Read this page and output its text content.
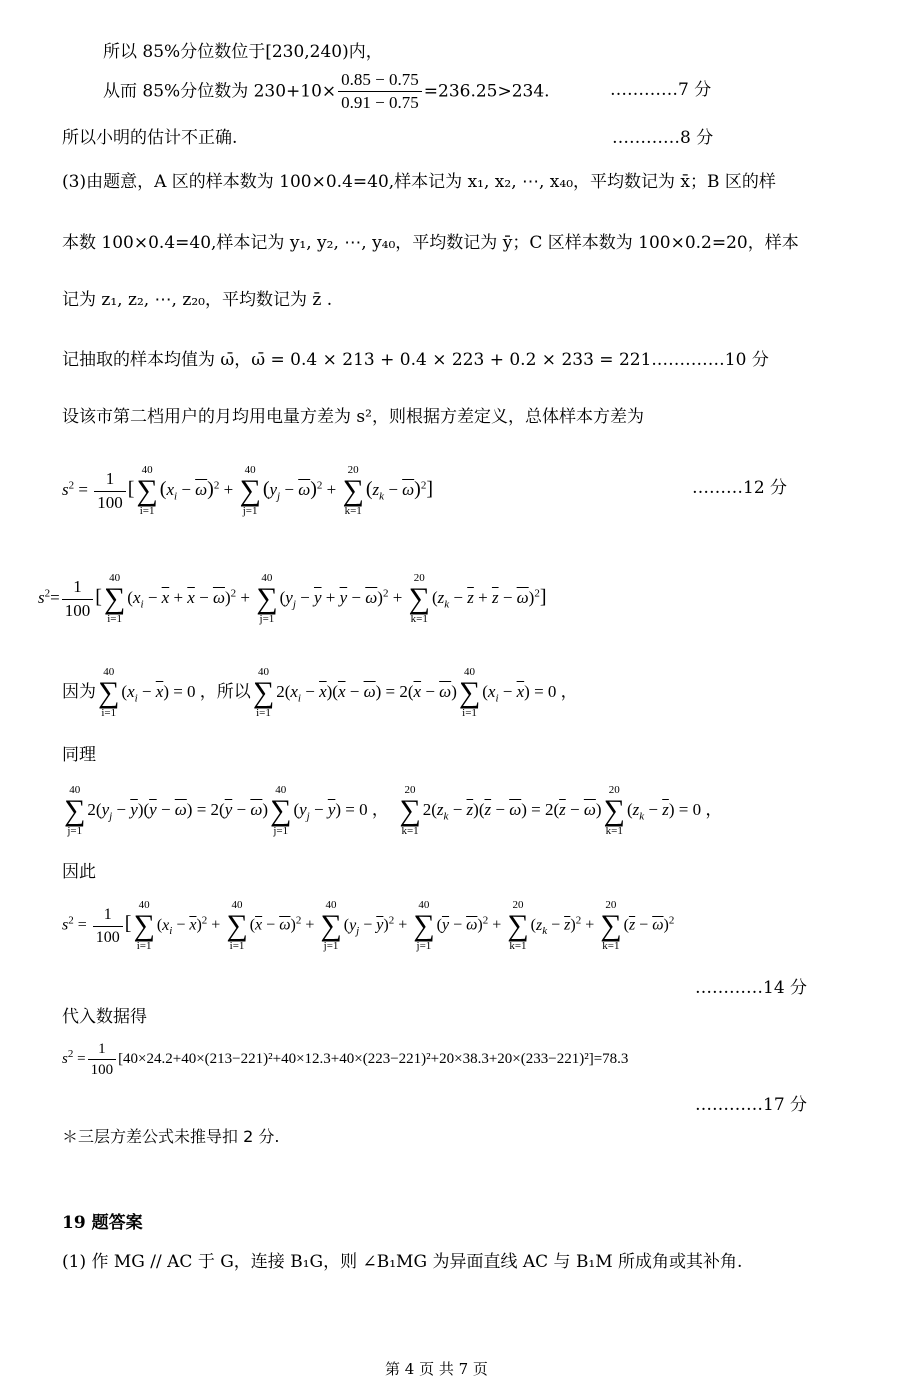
所以 85%分位数位于[230,240)内，
从而 85%分位数为 $230+10\times \frac{0.85 - 0.75}{0.91 - 0.75} =236.25>234$.	…………7 分
所以小明的估计不正确.	…………8 分
(3)由题意，A 区的样本数为 100×0.4=40,样本记为 x₁, x₂, ⋯, x₄₀，平均数记为 x̄；B 区的样
本数 100×0.4=40,样本记为 y₁, y₂, ⋯, y₄₀，平均数记为 ȳ；C 区样本数为 100×0.2=20，样本
记为 z₁, z₂, ⋯, z₂₀，平均数记为 z̄ .
记抽取的样本均值为 ω̄，ω̄ = 0.4 × 213 + 0.4 × 223 + 0.2 × 233 = 221.…………10 分
设该市第二档用户的月均用电量方差为 s²，则根据方差定义，总体样本方差为
$s^2 = \frac{1}{100}$ [
40
∑
i=1
$(x_i - \overline{\omega})^2$ +
40
∑
j=1
$(y_j - \overline{\omega})^2$ +
20
∑
k=1
$(z_k - \overline{\omega})^2$]	………12 分
$s^2= \frac{1}{100}$ [
40
∑
i=1
$(x_i - \overline{x} + \overline{x} - \overline{\omega})^2$ +
40
∑
j=1
$(y_j - \overline{y} + \overline{y} - \overline{\omega})^2$ +
20
∑
k=1
$(z_k - \overline{z} + \overline{z} - \overline{\omega})^2$]
因为
40
∑
i=1
$(x_i - \overline{x}) = 0$ ，所以
40
∑
i=1
$2(x_i - \overline{x})(\overline{x} - \overline{\omega}) = 2(\overline{x} - \overline{\omega})$
40
∑
i=1
$(x_i - \overline{x}) = 0$ ，
同理
40
∑
j=1
$2(y_j - \overline{y})(\overline{y} - \overline{\omega}) = 2(\overline{y} - \overline{\omega})$
40
∑
j=1
$(y_j - \overline{y}) = 0$ ，
20
∑
k=1
$2(z_k - \overline{z})(\overline{z} - \overline{\omega}) = 2(\overline{z} - \overline{\omega})$
20
∑
k=1
$(z_k - \overline{z}) = 0$ ，
因此
$s^2 = \frac{1}{100}$ [
40
∑
i=1
$(x_i - \overline{x})^2$ +
40
∑
i=1
$(\overline{x} - \overline{\omega})^2$ +
40
∑
j=1
$(y_j - \overline{y})^2$ +
40
∑
j=1
$(\overline{y} - \overline{\omega})^2$ +
20
∑
k=1
$(z_k - \overline{z})^2$ +
20
∑
k=1
$(\overline{z} - \overline{\omega})^2$
…………14 分
代入数据得
$s^2 = \frac{1}{100} [40\times 24.2+40\times(213-221)^2+40\times 12.3+40\times(223-221)^2+20\times 38.3+20\times(233-221)^2]=78.3$
…………17 分
＊三层方差公式未推导扣 2 分.
19 题答案
(1) 作 MG // AC 于 G，连接 B₁G，则 ∠B₁MG 为异面直线 AC 与 B₁M 所成角或其补角.
第 4 页 共 7 页
